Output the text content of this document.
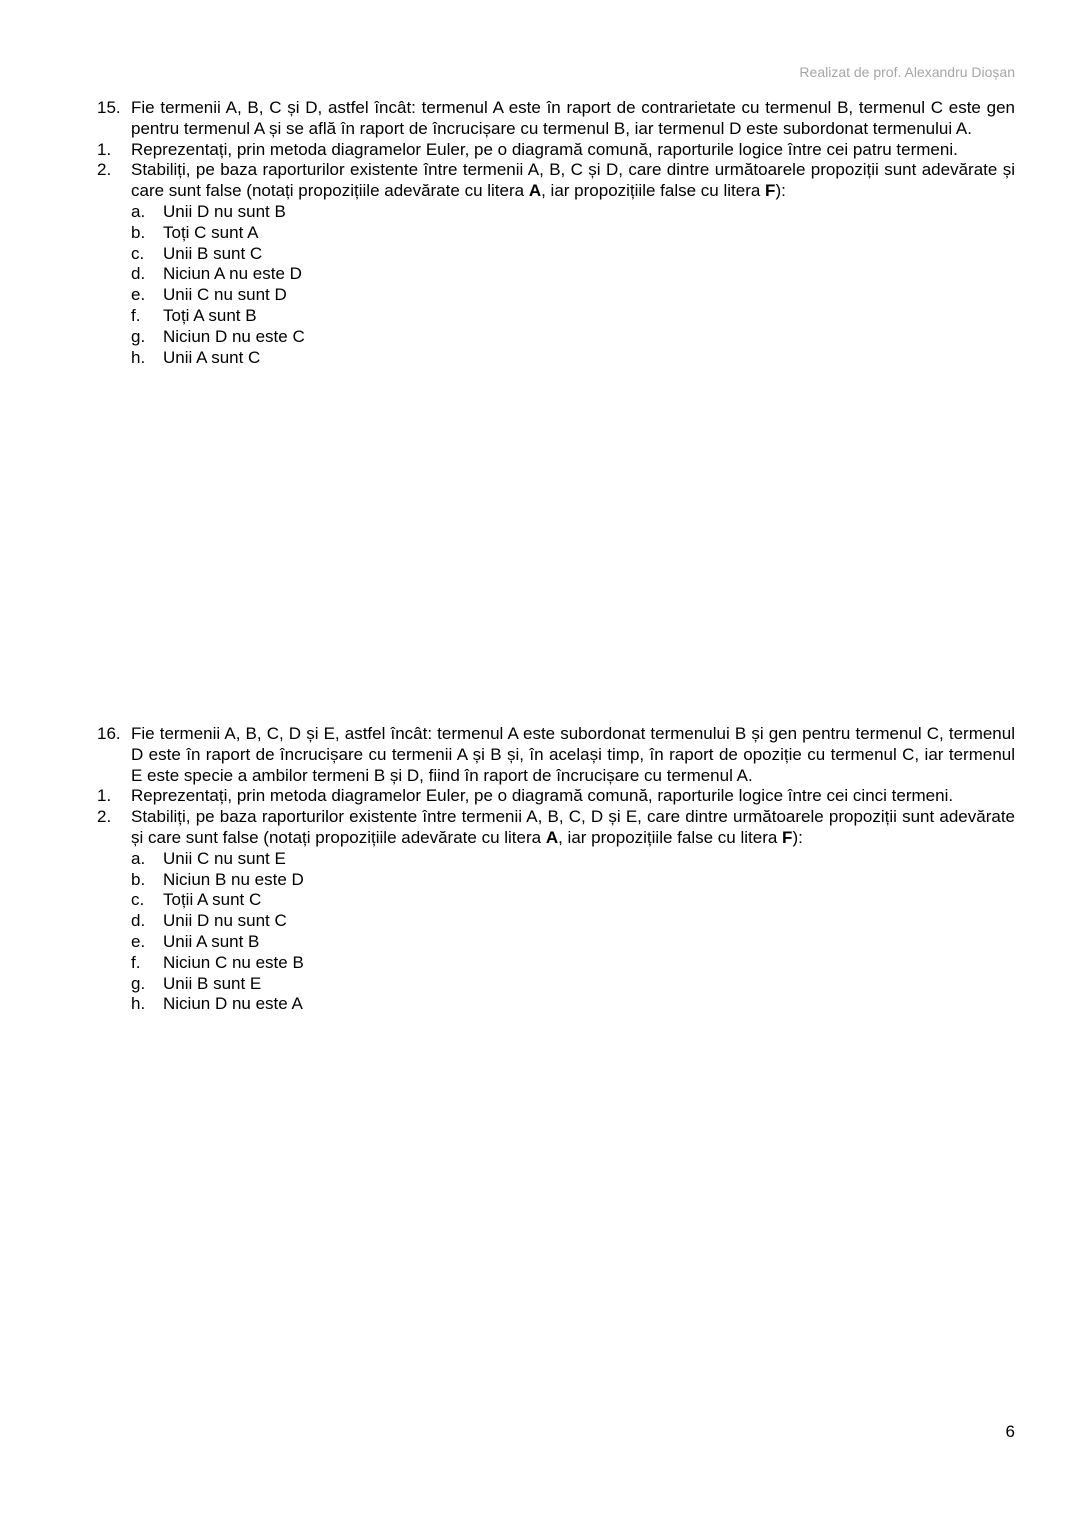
Realizat de prof. Alexandru Dioșan
15. Fie termenii A, B, C și D, astfel încât: termenul A este în raport de contrarietate cu termenul B, termenul C este gen pentru termenul A și se află în raport de încrucișare cu termenul B, iar termenul D este subordonat termenului A.
1.	Reprezentați, prin metoda diagramelor Euler, pe o diagramă comună, raporturile logice între cei patru termeni.
2.	Stabiliți, pe baza raporturilor existente între termenii A, B, C și D, care dintre următoarele propoziții sunt adevărate și care sunt false (notați propozițiile adevărate cu litera A, iar propozițiile false cu litera F):
a.	Unii D nu sunt B
b.	Toți C sunt A
c.	Unii B sunt C
d.	Niciun A nu este D
e.	Unii C nu sunt D
f.	Toți A sunt B
g.	Niciun D nu este C
h.	Unii A sunt C
16. Fie termenii A, B, C, D și E, astfel încât: termenul A este subordonat termenului B și gen pentru termenul C, termenul D este în raport de încrucișare cu termenii A și B și, în același timp, în raport de opoziție cu termenul C, iar termenul E este specie a ambilor termeni B și D, fiind în raport de încrucișare cu termenul A.
1.	Reprezentați, prin metoda diagramelor Euler, pe o diagramă comună, raporturile logice între cei cinci termeni.
2.	Stabiliți, pe baza raporturilor existente între termenii A, B, C, D și E, care dintre următoarele propoziții sunt adevărate și care sunt false (notați propozițiile adevărate cu litera A, iar propozițiile false cu litera F):
a.	Unii C nu sunt E
b.	Niciun B nu este D
c.	Toții A sunt C
d.	Unii D nu sunt C
e.	Unii A sunt B
f.	Niciun C nu este B
g.	Unii B sunt E
h.	Niciun D nu este A
6
